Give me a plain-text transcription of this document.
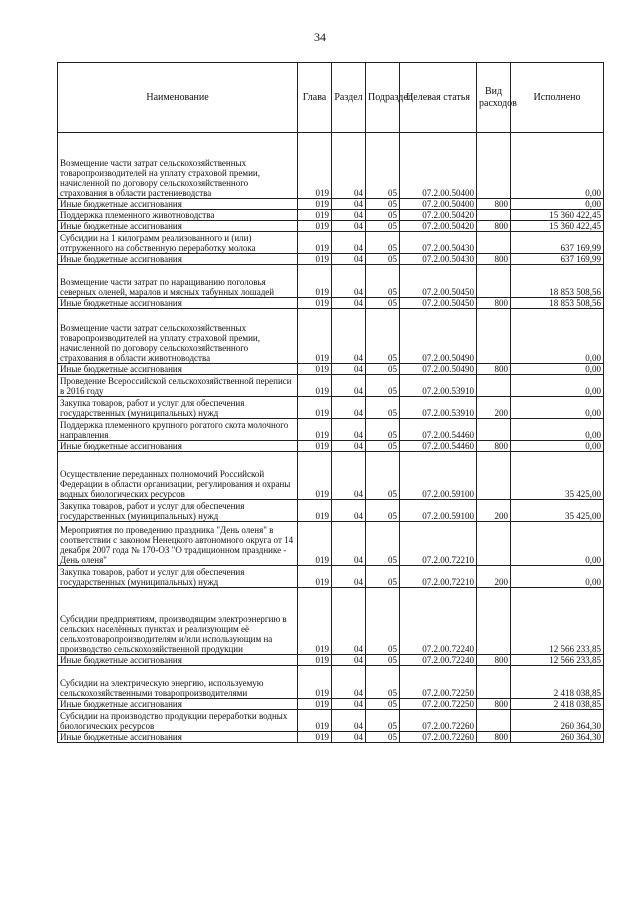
34
Наименование	Глава	Раздел	Подраздел	Целевая статья	Вид расходов	Исполнено
Возмещение части затрат сельскохозяйственных товаропроизводителей на уплату страховой премии, начисленной по договору сельскохозяйственного страхования в области растениеводства	019	04	05	07.2.00.50400		0,00
Иные бюджетные ассигнования	019	04	05	07.2.00.50400	800	0,00
Поддержка племенного животноводства	019	04	05	07.2.00.50420		15 360 422,45
Иные бюджетные ассигнования	019	04	05	07.2.00.50420	800	15 360 422,45
Субсидии на 1 килограмм реализованного и (или) отгруженного на собственную переработку молока	019	04	05	07.2.00.50430		637 169,99
Иные бюджетные ассигнования	019	04	05	07.2.00.50430	800	637 169,99
Возмещение части затрат по наращиванию поголовья северных оленей, маралов и мясных табунных лошадей	019	04	05	07.2.00.50450		18 853 508,56
Иные бюджетные ассигнования	019	04	05	07.2.00.50450	800	18 853 508,56
Возмещение части затрат сельскохозяйственных товаропроизводителей на уплату страховой премии, начисленной по договору сельскохозяйственного страхования в области животноводства	019	04	05	07.2.00.50490		0,00
Иные бюджетные ассигнования	019	04	05	07.2.00.50490	800	0,00
Проведение Всероссийской сельскохозяйственной переписи в 2016 году	019	04	05	07.2.00.53910		0,00
Закупка товаров, работ и услуг для обеспечения государственных (муниципальных) нужд	019	04	05	07.2.00.53910	200	0,00
Поддержка племенного крупного рогатого скота молочного направления	019	04	05	07.2.00.54460		0,00
Иные бюджетные ассигнования	019	04	05	07.2.00.54460	800	0,00
Осуществление переданных полномочий Российской Федерации в области организации, регулирования и охраны водных биологических ресурсов	019	04	05	07.2.00.59100		35 425,00
Закупка товаров, работ и услуг для обеспечения государственных (муниципальных) нужд	019	04	05	07.2.00.59100	200	35 425,00
Мероприятия по проведению праздника "День оленя" в соответствии с законом Ненецкого автономного округа от 14 декабря 2007 года № 170-ОЗ "О традиционном празднике - День оленя"	019	04	05	07.2.00.72210		0,00
Закупка товаров, работ и услуг для обеспечения государственных (муниципальных) нужд	019	04	05	07.2.00.72210	200	0,00
Субсидии предприятиям, производящим электроэнергию в сельских населённых пунктах и реализующим её сельхозтоваропроизводителям и/или использующим на производство сельскохозяйственной продукции	019	04	05	07.2.00.72240		12 566 233,85
Иные бюджетные ассигнования	019	04	05	07.2.00.72240	800	12 566 233,85
Субсидии на электрическую энергию, используемую сельскохозяйственными товаропроизводителями	019	04	05	07.2.00.72250		2 418 038,85
Иные бюджетные ассигнования	019	04	05	07.2.00.72250	800	2 418 038,85
Субсидии на производство продукции переработки водных биологических ресурсов	019	04	05	07.2.00.72260		260 364,30
Иные бюджетные ассигнования	019	04	05	07.2.00.72260	800	260 364,30
